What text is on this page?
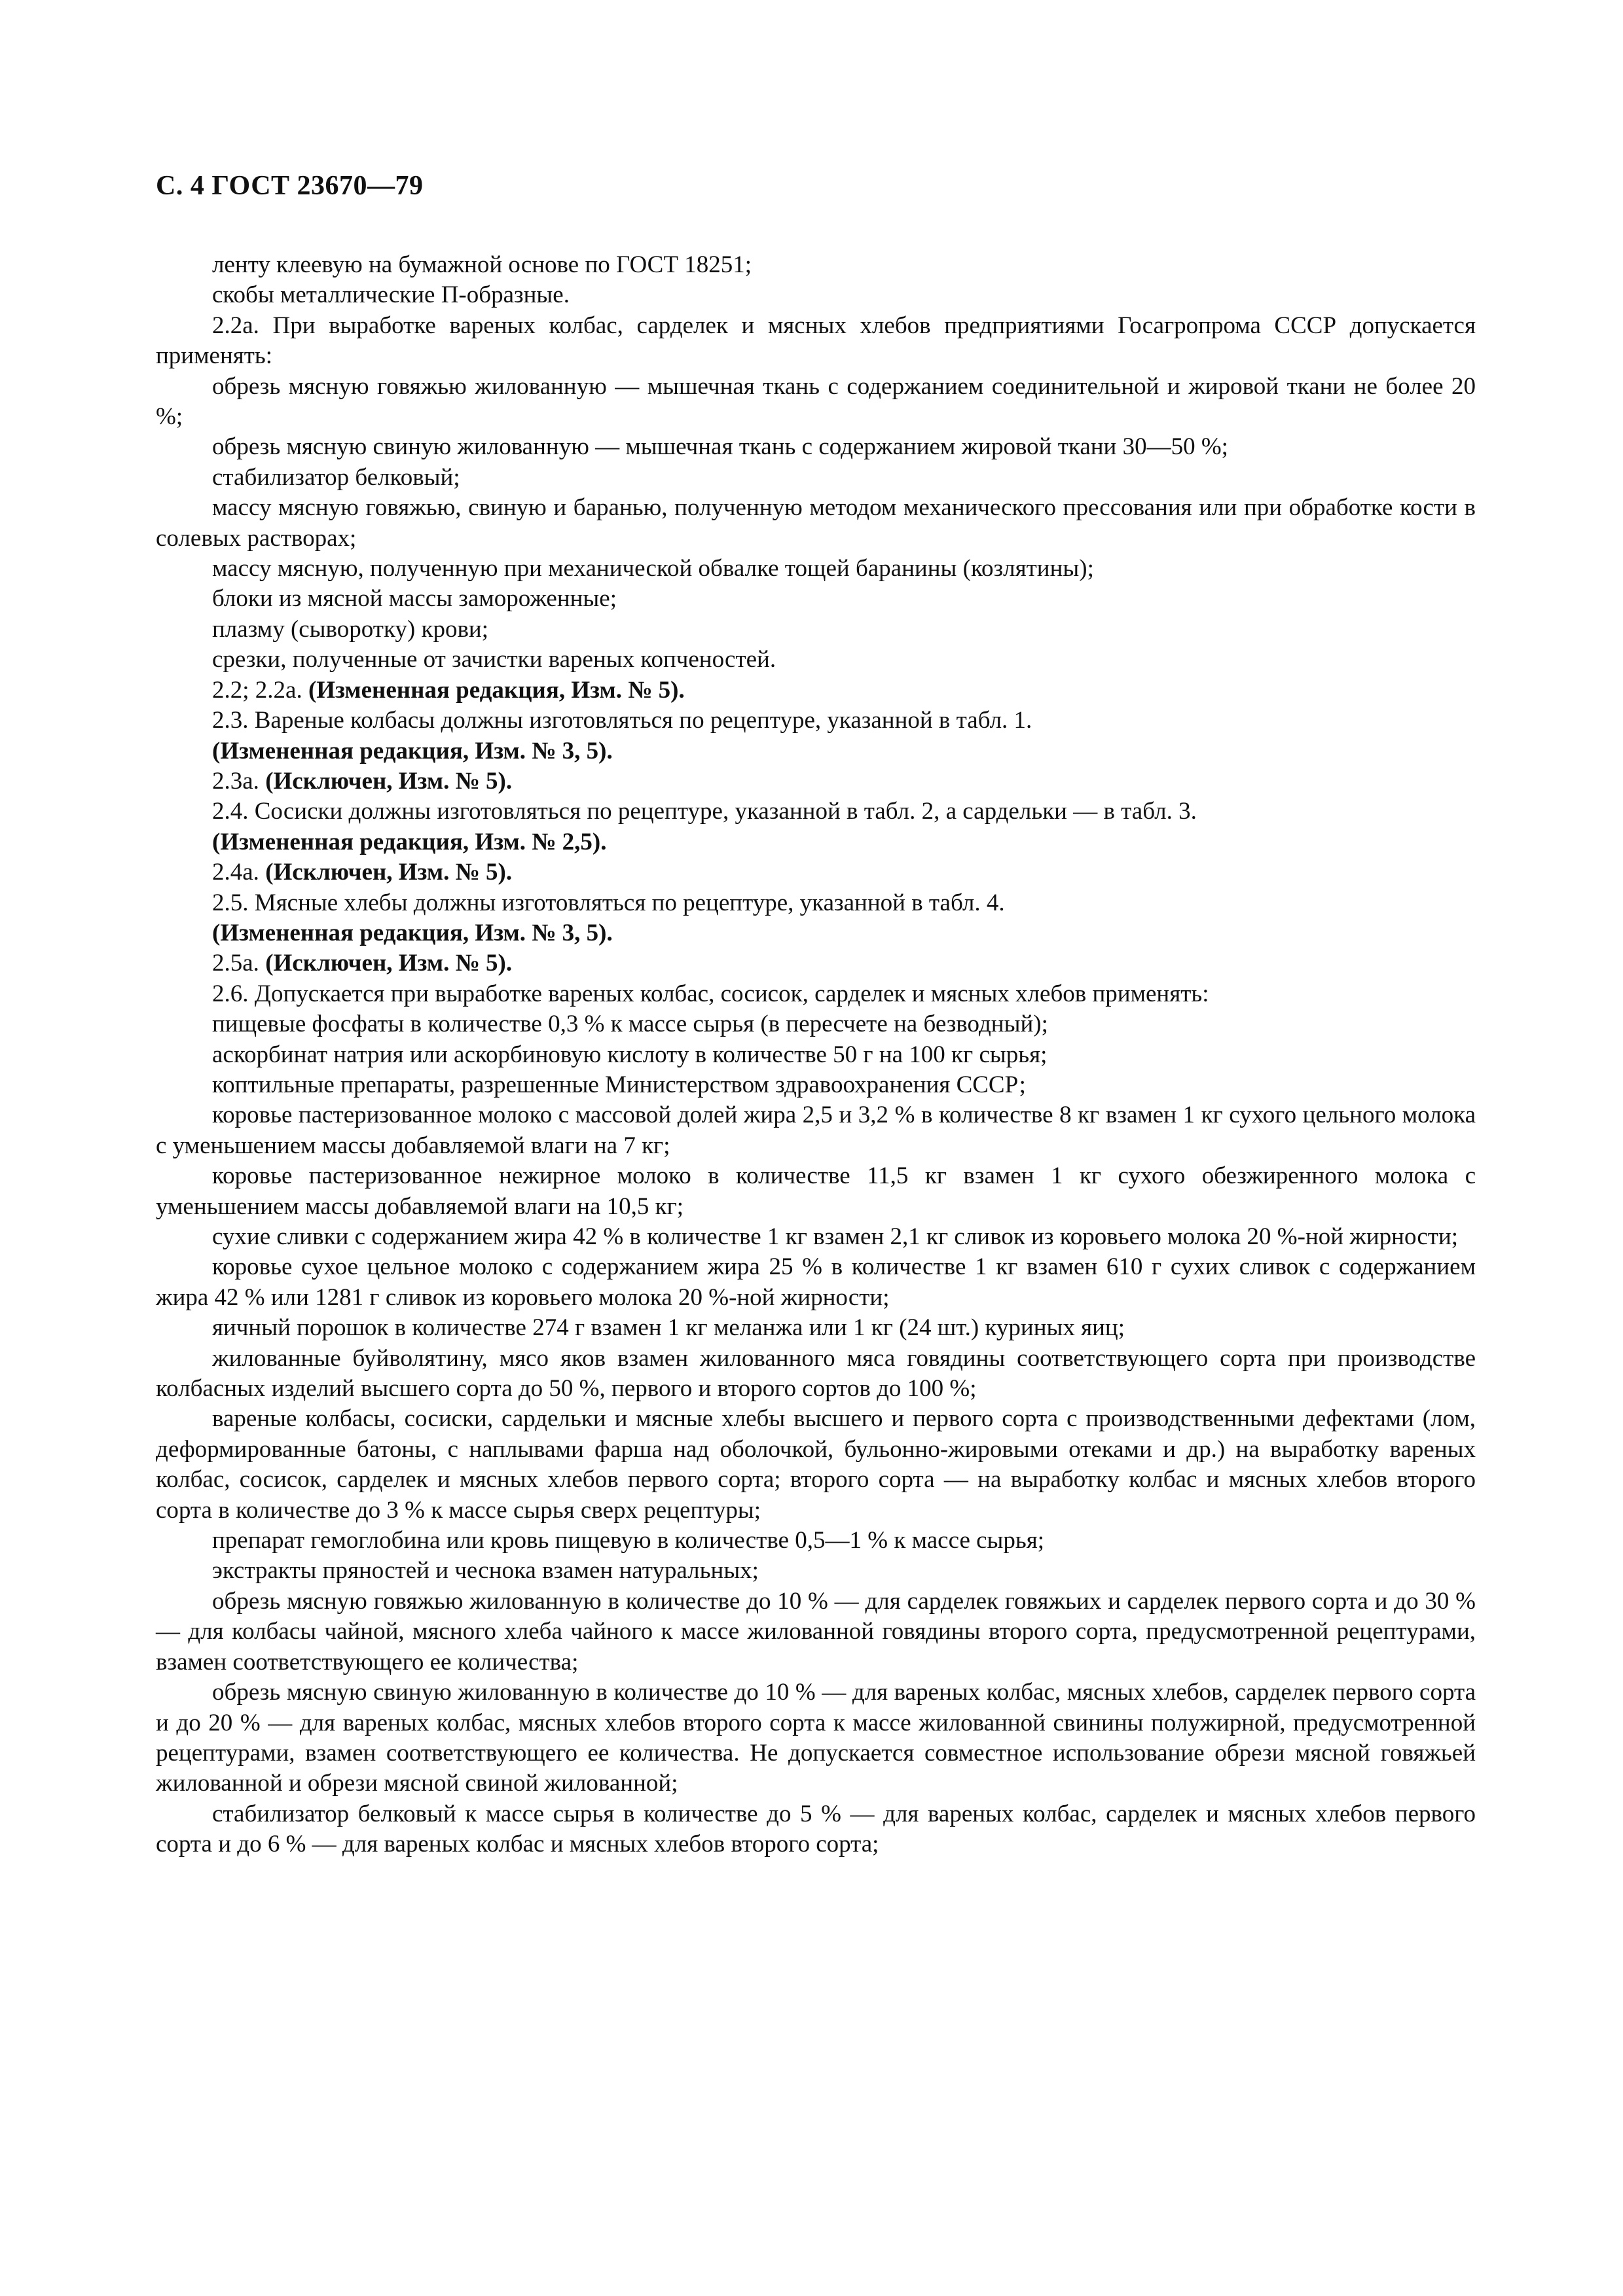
С. 4 ГОСТ 23670—79

ленту клеевую на бумажной основе по ГОСТ 18251;

скобы металлические П-образные.

2.2а. При выработке вареных колбас, сарделек и мясных хлебов предприятиями Госагропрома СССР допускается применять:

обрезь мясную говяжью жилованную — мышечная ткань с содержанием соединительной и жировой ткани не более 20 %;

обрезь мясную свиную жилованную — мышечная ткань с содержанием жировой ткани 30—50 %;

стабилизатор белковый;

массу мясную говяжью, свиную и баранью, полученную методом механического прессования или при обработке кости в солевых растворах;

массу мясную, полученную при механической обвалке тощей баранины (козлятины);

блоки из мясной массы замороженные;

плазму (сыворотку) крови;

срезки, полученные от зачистки вареных копченостей.

2.2; 2.2а. (Измененная редакция, Изм. № 5).

2.3. Вареные колбасы должны изготовляться по рецептуре, указанной в табл. 1.

(Измененная редакция, Изм. № 3, 5).

2.3а. (Исключен, Изм. № 5).

2.4. Сосиски должны изготовляться по рецептуре, указанной в табл. 2, а сардельки — в табл. 3.

(Измененная редакция, Изм. № 2,5).

2.4а. (Исключен, Изм. № 5).

2.5. Мясные хлебы должны изготовляться по рецептуре, указанной в табл. 4.

(Измененная редакция, Изм. № 3, 5).

2.5а. (Исключен, Изм. № 5).

2.6. Допускается при выработке вареных колбас, сосисок, сарделек и мясных хлебов применять:

пищевые фосфаты в количестве 0,3 % к массе сырья (в пересчете на безводный);

аскорбинат натрия или аскорбиновую кислоту в количестве 50 г на 100 кг сырья;

коптильные препараты, разрешенные Министерством здравоохранения СССР;

коровье пастеризованное молоко с массовой долей жира 2,5 и 3,2 % в количестве 8 кг взамен 1 кг сухого цельного молока с уменьшением массы добавляемой влаги на 7 кг;

коровье пастеризованное нежирное молоко в количестве 11,5 кг взамен 1 кг сухого обезжиренного молока с уменьшением массы добавляемой влаги на 10,5 кг;

сухие сливки с содержанием жира 42 % в количестве 1 кг взамен 2,1 кг сливок из коровьего молока 20 %-ной жирности;

коровье сухое цельное молоко с содержанием жира 25 % в количестве 1 кг взамен 610 г сухих сливок с содержанием жира 42 % или 1281 г сливок из коровьего молока 20 %-ной жирности;

яичный порошок в количестве 274 г взамен 1 кг меланжа или 1 кг (24 шт.) куриных яиц;

жилованные буйволятину, мясо яков взамен жилованного мяса говядины соответствующего сорта при производстве колбасных изделий высшего сорта до 50 %, первого и второго сортов до 100 %;

вареные колбасы, сосиски, сардельки и мясные хлебы высшего и первого сорта с производственными дефектами (лом, деформированные батоны, с наплывами фарша над оболочкой, бульонно-жировыми отеками и др.) на выработку вареных колбас, сосисок, сарделек и мясных хлебов первого сорта; второго сорта — на выработку колбас и мясных хлебов второго сорта в количестве до 3 % к массе сырья сверх рецептуры;

препарат гемоглобина или кровь пищевую в количестве 0,5—1 % к массе сырья;

экстракты пряностей и чеснока взамен натуральных;

обрезь мясную говяжью жилованную в количестве до 10 % — для сарделек говяжьих и сарделек первого сорта и до 30 % — для колбасы чайной, мясного хлеба чайного к массе жилованной говядины второго сорта, предусмотренной рецептурами, взамен соответствующего ее количества;

обрезь мясную свиную жилованную в количестве до 10 % — для вареных колбас, мясных хлебов, сарделек первого сорта и до 20 % — для вареных колбас, мясных хлебов второго сорта к массе жилованной свинины полужирной, предусмотренной рецептурами, взамен соответствующего ее количества. Не допускается совместное использование обрези мясной говяжьей жилованной и обрези мясной свиной жилованной;

стабилизатор белковый к массе сырья в количестве до 5 % — для вареных колбас, сарделек и мясных хлебов первого сорта и до 6 % — для вареных колбас и мясных хлебов второго сорта;
